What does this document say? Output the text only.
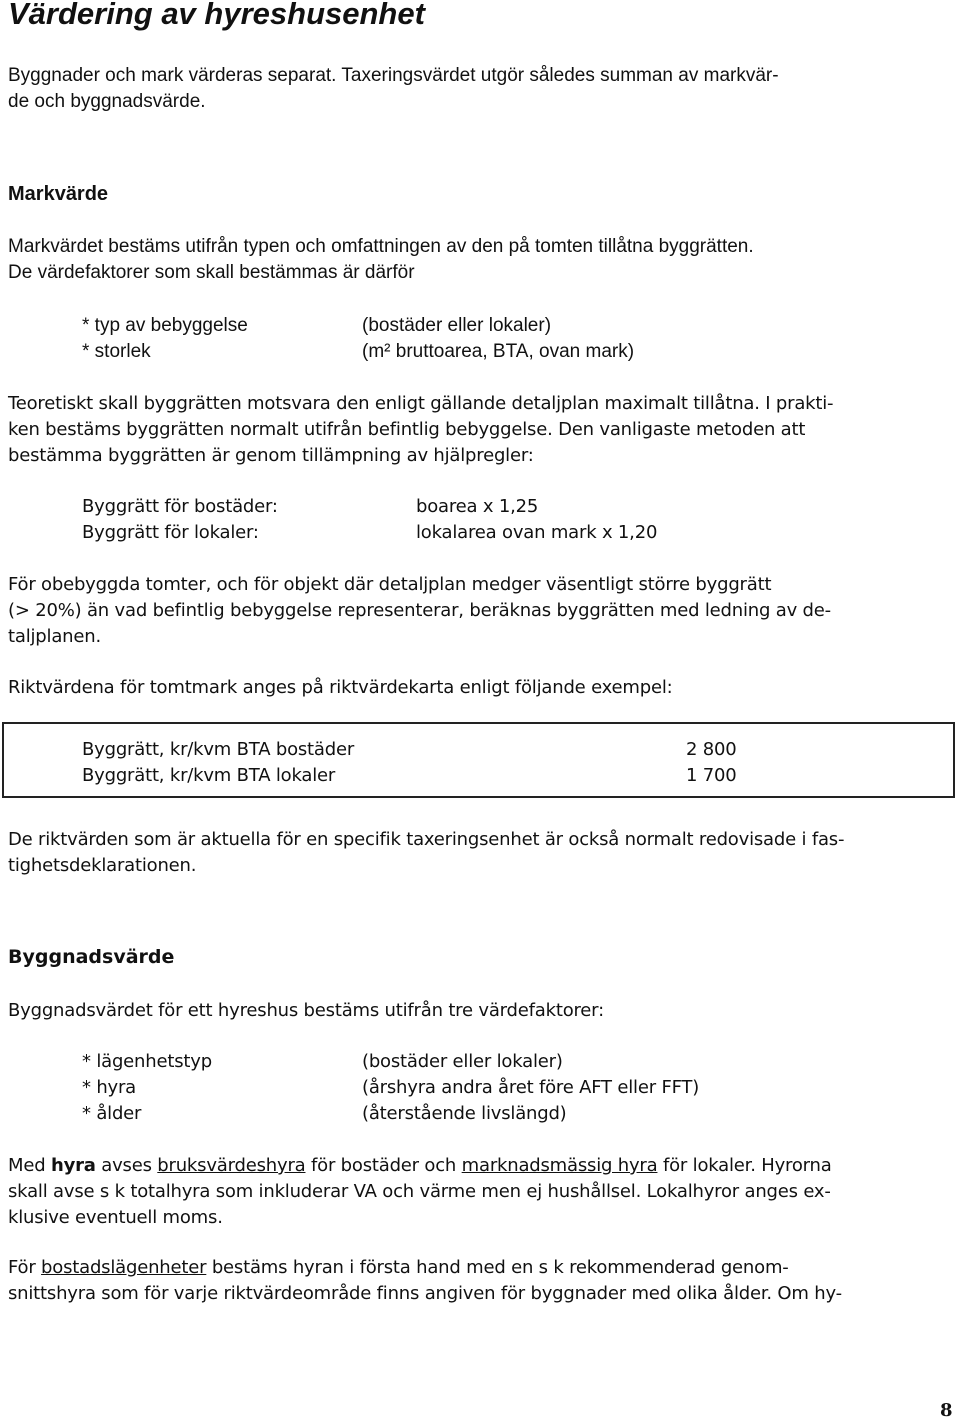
Värdering av hyreshusenhet
Byggnader och mark värderas separat. Taxeringsvärdet utgör således summan av markvär-
de och byggnadsvärde.
Markvärde
Markvärdet bestäms utifrån typen och omfattningen av den på tomten tillåtna byggrätten.
De värdefaktorer som skall bestämmas är därför
* typ av bebyggelse	(bostäder eller lokaler)
* storlek	(m² bruttoarea, BTA, ovan mark)
Teoretiskt skall byggrätten motsvara den enligt gällande detaljplan maximalt tillåtna. I prakti-
ken bestäms byggrätten normalt utifrån befintlig bebyggelse. Den vanligaste metoden att
bestämma byggrätten är genom tillämpning av hjälpregler:
Byggrätt för bostäder:	boarea x 1,25
Byggrätt för lokaler:	lokalarea ovan mark x 1,20
För obebyggda tomter, och för objekt där detaljplan medger väsentligt större byggrätt
(> 20%) än vad befintlig bebyggelse representerar, beräknas byggrätten med ledning av de-
taljplanen.
Riktvärdena för tomtmark anges på riktvärdekarta enligt följande exempel:
Byggrätt, kr/kvm BTA bostäder	2 800
Byggrätt, kr/kvm BTA lokaler	1 700
De riktvärden som är aktuella för en specifik taxeringsenhet är också normalt redovisade i fas-
tighetsdeklarationen.
Byggnadsvärde
Byggnadsvärdet för ett hyreshus bestäms utifrån tre värdefaktorer:
* lägenhetstyp	(bostäder eller lokaler)
* hyra	(årshyra andra året före AFT eller FFT)
* ålder	(återstående livslängd)
Med hyra avses bruksvärdeshyra för bostäder och marknadsmässig hyra för lokaler. Hyrorna
skall avse s k totalhyra som inkluderar VA och värme men ej hushållsel. Lokalhyror anges ex-
klusive eventuell moms.
För bostadslägenheter bestäms hyran i första hand med en s k rekommenderad genom-
snittshyra som för varje riktvärdeområde finns angiven för byggnader med olika ålder. Om hy-
8
